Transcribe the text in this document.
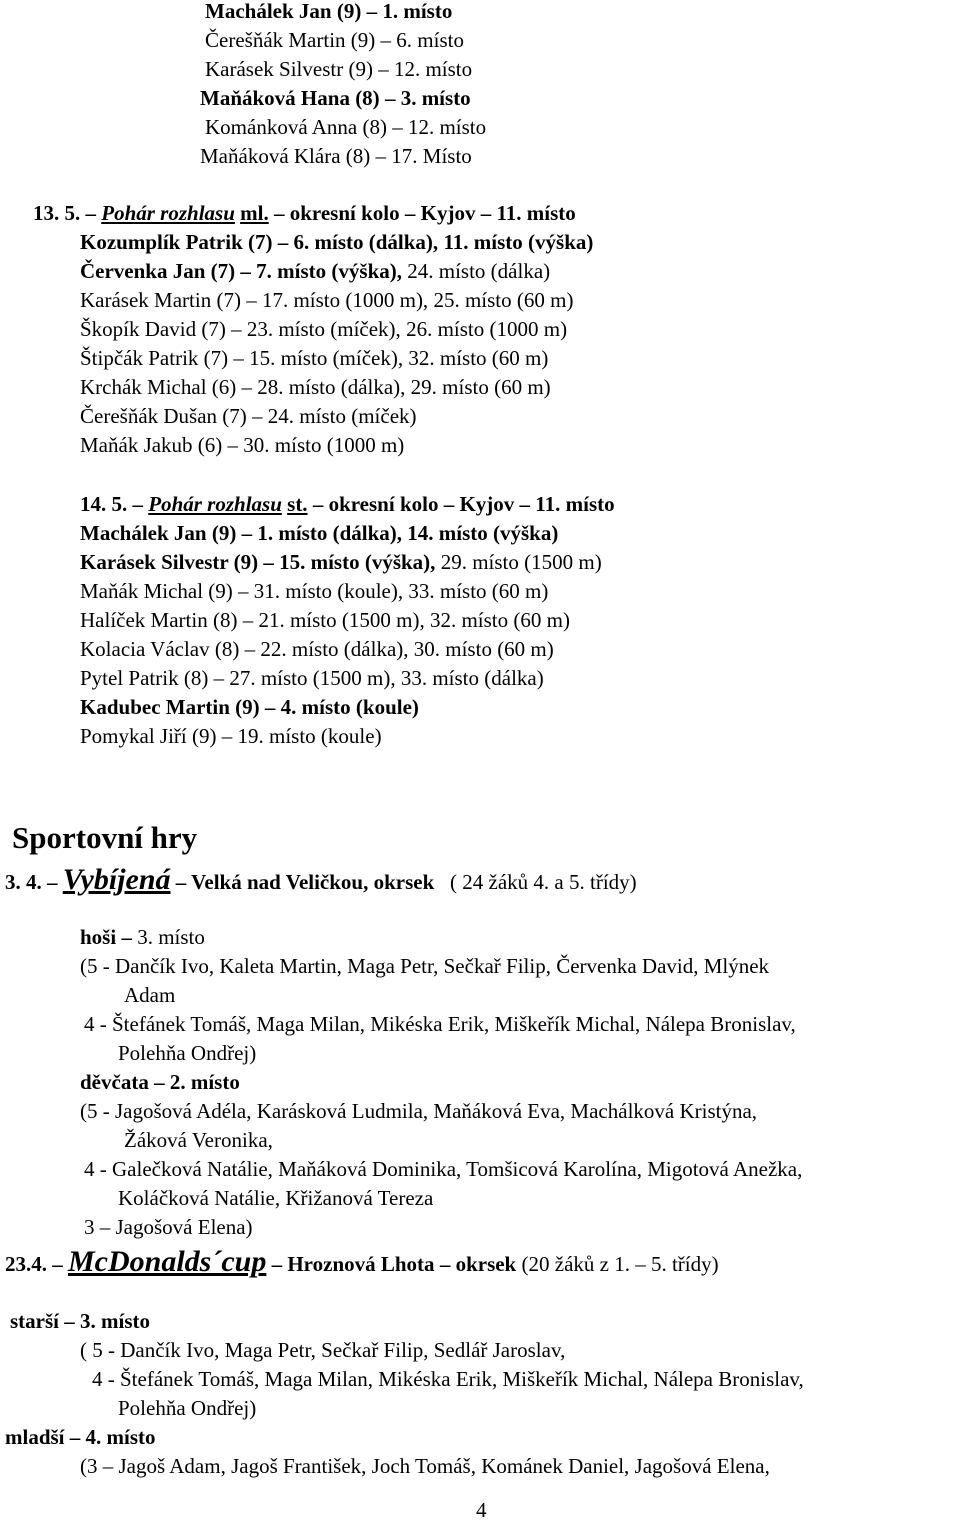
Machálek Jan (9) – 1. místo
Čerešňák Martin (9) – 6. místo
Karásek Silvestr (9) – 12. místo
Maňáková Hana (8) – 3. místo
Kománková Anna (8) – 12. místo
Maňáková Klára (8) – 17. Místo
13. 5. – Pohár rozhlasu ml. – okresní kolo – Kyjov – 11. místo
Kozumplík Patrik (7) – 6. místo (dálka), 11. místo (výška)
Červenka Jan (7) – 7. místo (výška), 24. místo (dálka)
Karásek Martin (7) – 17. místo (1000 m), 25. místo (60 m)
Škopík David (7) – 23. místo (míček), 26. místo (1000 m)
Štipčák Patrik (7) – 15. místo (míček), 32. místo (60 m)
Krchák Michal (6) – 28. místo (dálka), 29. místo (60 m)
Čerešňák Dušan (7) – 24. místo (míček)
Maňák Jakub (6) – 30. místo (1000 m)
14. 5. – Pohár rozhlasu st. – okresní kolo – Kyjov – 11. místo
Machálek Jan (9) – 1. místo (dálka), 14. místo (výška)
Karásek Silvestr (9) – 15. místo (výška), 29. místo (1500 m)
Maňák Michal (9) – 31. místo (koule), 33. místo (60 m)
Halíček Martin (8) – 21. místo (1500 m), 32. místo (60 m)
Kolacia Václav (8) – 22. místo (dálka), 30. místo (60 m)
Pytel Patrik (8) – 27. místo (1500 m), 33. místo (dálka)
Kadubec Martin (9) – 4. místo (koule)
Pomykal Jiří (9) – 19. místo (koule)
Sportovní hry
3. 4. – Vybíjená – Velká nad Veličkou, okrsek ( 24 žáků 4. a 5. třídy)
hoši – 3. místo
(5 - Dančík Ivo, Kaleta Martin, Maga Petr, Sečkař Filip, Červenka David, Mlýnek
Adam
4 - Štefánek Tomáš, Maga Milan, Mikéska Erik, Miškeřík Michal, Nálepa Bronislav,
Polehňa Ondřej)
děvčata – 2. místo
(5 - Jagošová Adéla, Karásková Ludmila, Maňáková Eva, Machálková Kristýna,
Žáková Veronika,
4 - Galečková Natálie, Maňáková Dominika, Tomšicová Karolína, Migotová Anežka,
Koláčková Natálie, Křižanová Tereza
3 – Jagošová Elena)
23.4. – McDonalds´cup – Hroznová Lhota – okrsek (20 žáků z 1. – 5. třídy)
starší – 3. místo
( 5 - Dančík Ivo, Maga Petr, Sečkař Filip, Sedlář Jaroslav,
4 - Štefánek Tomáš, Maga Milan, Mikéska Erik, Miškeřík Michal, Nálepa Bronislav,
Polehňa Ondřej)
mladší – 4. místo
(3 – Jagoš Adam, Jagoš František, Joch Tomáš, Kománek Daniel, Jagošová Elena,
4
